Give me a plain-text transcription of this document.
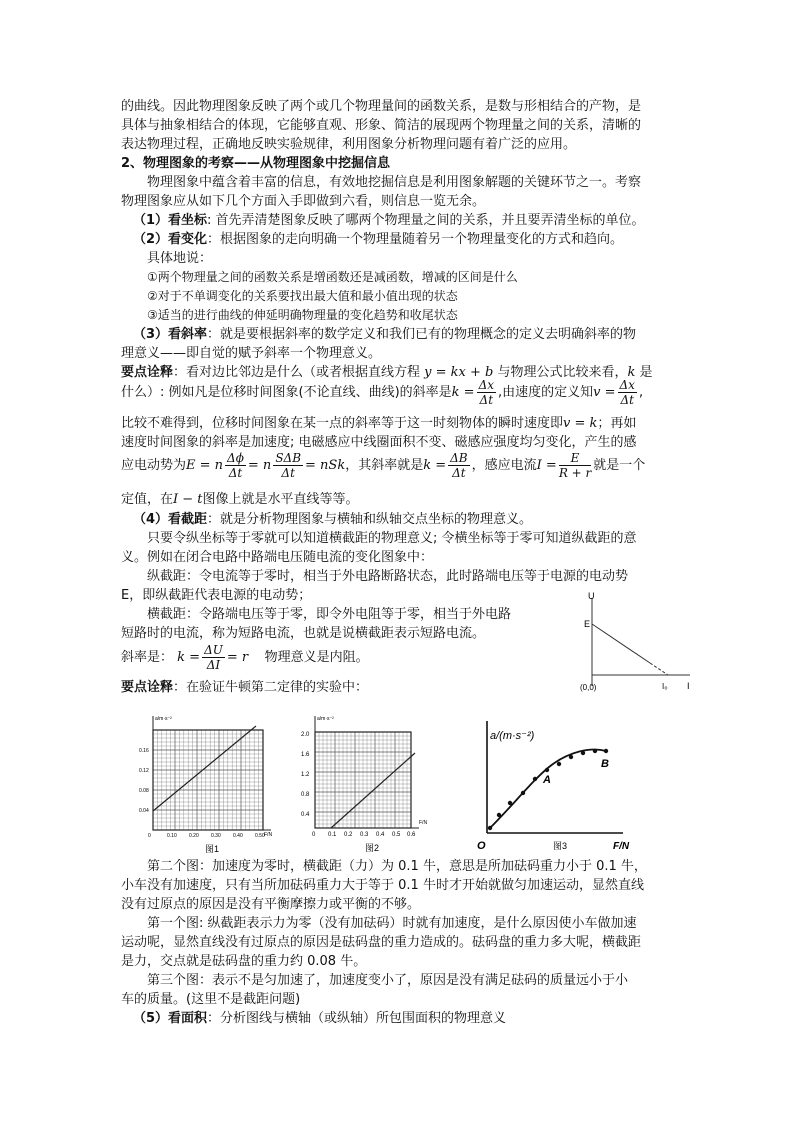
的曲线。因此物理图象反映了两个或几个物理量间的函数关系，是数与形相结合的产物，是
具体与抽象相结合的体现，它能够直观、形象、简洁的展现两个物理量之间的关系，清晰的
表达物理过程，正确地反映实验规律，利用图象分析物理问题有着广泛的应用。
2、物理图象的考察——从物理图象中挖掘信息
物理图象中蕴含着丰富的信息，有效地挖掘信息是利用图象解题的关键环节之一。考察
物理图象应从如下几个方面入手即做到六看，则信息一览无余。
（1）看坐标: 首先弄清楚图象反映了哪两个物理量之间的关系，并且要弄清坐标的单位。
（2）看变化：根据图象的走向明确一个物理量随着另一个物理量变化的方式和趋向。
具体地说：
①两个物理量之间的函数关系是增函数还是减函数，增减的区间是什么
②对于不单调变化的关系要找出最大值和最小值出现的状态
③适当的进行曲线的伸延明确物理量的变化趋势和收尾状态
（3）看斜率：就是要根据斜率的数学定义和我们已有的物理概念的定义去明确斜率的物
理意义——即自觉的赋予斜率一个物理意义。
要点诠释：看对边比邻边是什么（或者根据直线方程 y = kx + b 与物理公式比较来看，k 是
什么）: 例如凡是位移时间图象(不论直线、曲线)的斜率是$k = \frac{\Delta x}{\Delta t}$ ,由速度的定义知$v = \frac{\Delta x}{\Delta t}$ ,
比较不难得到，位移时间图象在某一点的斜率等于这一时刻物体的瞬时速度即v = k；再如
速度时间图象的斜率是加速度; 电磁感应中线圈面积不变、磁感应强度均匀变化，产生的感
应电动势为E = n $\frac{\Delta\phi}{\Delta t} = n$ SΔB
Δt = nSk，其斜率就是$k = \frac{\Delta B}{\Delta t}$ ，感应电流$I = \frac{E}{R + r}$ 就是一个
定值，在I − t图像上就是水平直线等等。
（4）看截距：就是分析物理图象与横轴和纵轴交点坐标的物理意义。
只要令纵坐标等于零就可以知道横截距的物理意义; 令横坐标等于零可知道纵截距的意
义。例如在闭合电路中路端电压随电流的变化图象中：
纵截距：令电流等于零时，相当于外电路断路状态，此时路端电压等于电源的电动势
E，即纵截距代表电源的电动势；
横截距：令路端电压等于零，即令外电阻等于零，相当于外电路
短路时的电流，称为短路电流，也就是说横截距表示短路电流。
斜率是： $k = \frac{\Delta U}{\Delta I} = r$ 物理意义是内阻。
要点诠释：在验证牛顿第二定律的实验中：
U
I
E
(0,0)	I₀
a/m·s⁻²
F/N
0.16
0.12
0.08
0.04
0	0.10 0.20 0.30 0.40 0.50
图1
a/m·s⁻²
F/N
2.0
1.6
1.2
0.8
0.4
0 0.1 0.2 0.3 0.4 0.5 0.6
图2
a/(m·s⁻²)
F/N
O
A
B
图3
第二个图：加速度为零时，横截距（力）为 0.1 牛，意思是所加砝码重力小于 0.1 牛，
小车没有加速度，只有当所加砝码重力大于等于 0.1 牛时才开始就做匀加速运动，显然直线
没有过原点的原因是没有平衡摩擦力或平衡的不够。
第一个图: 纵截距表示力为零（没有加砝码）时就有加速度，是什么原因使小车做加速
运动呢，显然直线没有过原点的原因是砝码盘的重力造成的。砝码盘的重力多大呢，横截距
是力，交点就是砝码盘的重力约 0.08 牛。
第三个图：表示不是匀加速了，加速度变小了，原因是没有满足砝码的质量远小于小
车的质量。(这里不是截距问题)
（5）看面积：分析图线与横轴（或纵轴）所包围面积的物理意义
